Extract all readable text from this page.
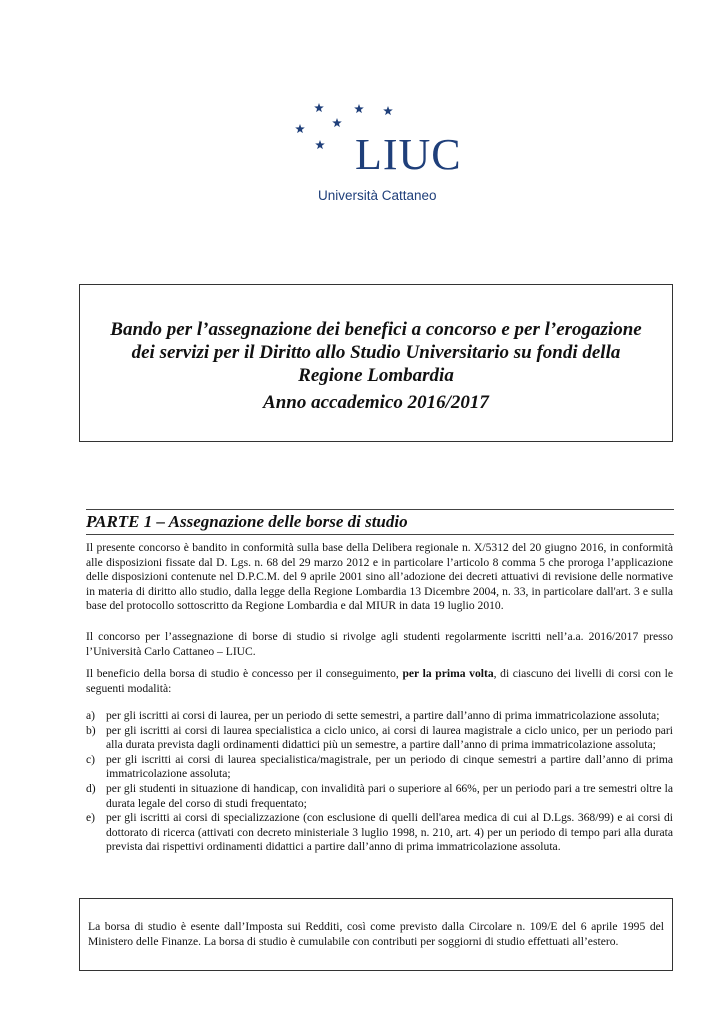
LIUC
Università Cattaneo
Bando per l’assegnazione dei benefici a concorso e per l’erogazione
dei servizi per il Diritto allo Studio Universitario su fondi della
Regione Lombardia
Anno accademico 2016/2017
PARTE 1 – Assegnazione delle borse di studio
Il presente concorso è bandito in conformità sulla base della Delibera regionale n. X/5312 del 20 giugno 2016, in conformità alle disposizioni fissate dal D. Lgs. n. 68 del 29 marzo 2012 e in particolare l’articolo 8 comma 5 che proroga l’applicazione delle disposizioni contenute nel D.P.C.M. del 9 aprile 2001 sino all’adozione dei decreti attuativi di revisione delle normative in materia di diritto allo studio, dalla legge della Regione Lombardia 13 Dicembre 2004, n. 33, in particolare dall'art. 3 e sulla base del protocollo sottoscritto da Regione Lombardia e dal MIUR in data 19 luglio 2010.
Il concorso per l’assegnazione di borse di studio si rivolge agli studenti regolarmente iscritti nell’a.a. 2016/2017 presso l’Università Carlo Cattaneo – LIUC.
Il beneficio della borsa di studio è concesso per il conseguimento, per la prima volta, di ciascuno dei livelli di corsi con le seguenti modalità:
a) per gli iscritti ai corsi di laurea, per un periodo di sette semestri, a partire dall’anno di prima immatricolazione assoluta;
b) per gli iscritti ai corsi di laurea specialistica a ciclo unico, ai corsi di laurea magistrale a ciclo unico, per un periodo pari alla durata prevista dagli ordinamenti didattici più un semestre, a partire dall’anno di prima immatricolazione assoluta;
c) per gli iscritti ai corsi di laurea specialistica/magistrale, per un periodo di cinque semestri a partire dall’anno di prima immatricolazione assoluta;
d) per gli studenti in situazione di handicap, con invalidità pari o superiore al 66%, per un periodo pari a tre semestri oltre la durata legale del corso di studi frequentato;
e) per gli iscritti ai corsi di specializzazione (con esclusione di quelli dell'area medica di cui al D.Lgs. 368/99) e ai corsi di dottorato di ricerca (attivati con decreto ministeriale 3 luglio 1998, n. 210, art. 4) per un periodo di tempo pari alla durata prevista dai rispettivi ordinamenti didattici a partire dall’anno di prima immatricolazione assoluta.
La borsa di studio è esente dall’Imposta sui Redditi, così come previsto dalla Circolare n. 109/E del 6 aprile 1995 del Ministero delle Finanze. La borsa di studio è cumulabile con contributi per soggiorni di studio effettuati all’estero.
